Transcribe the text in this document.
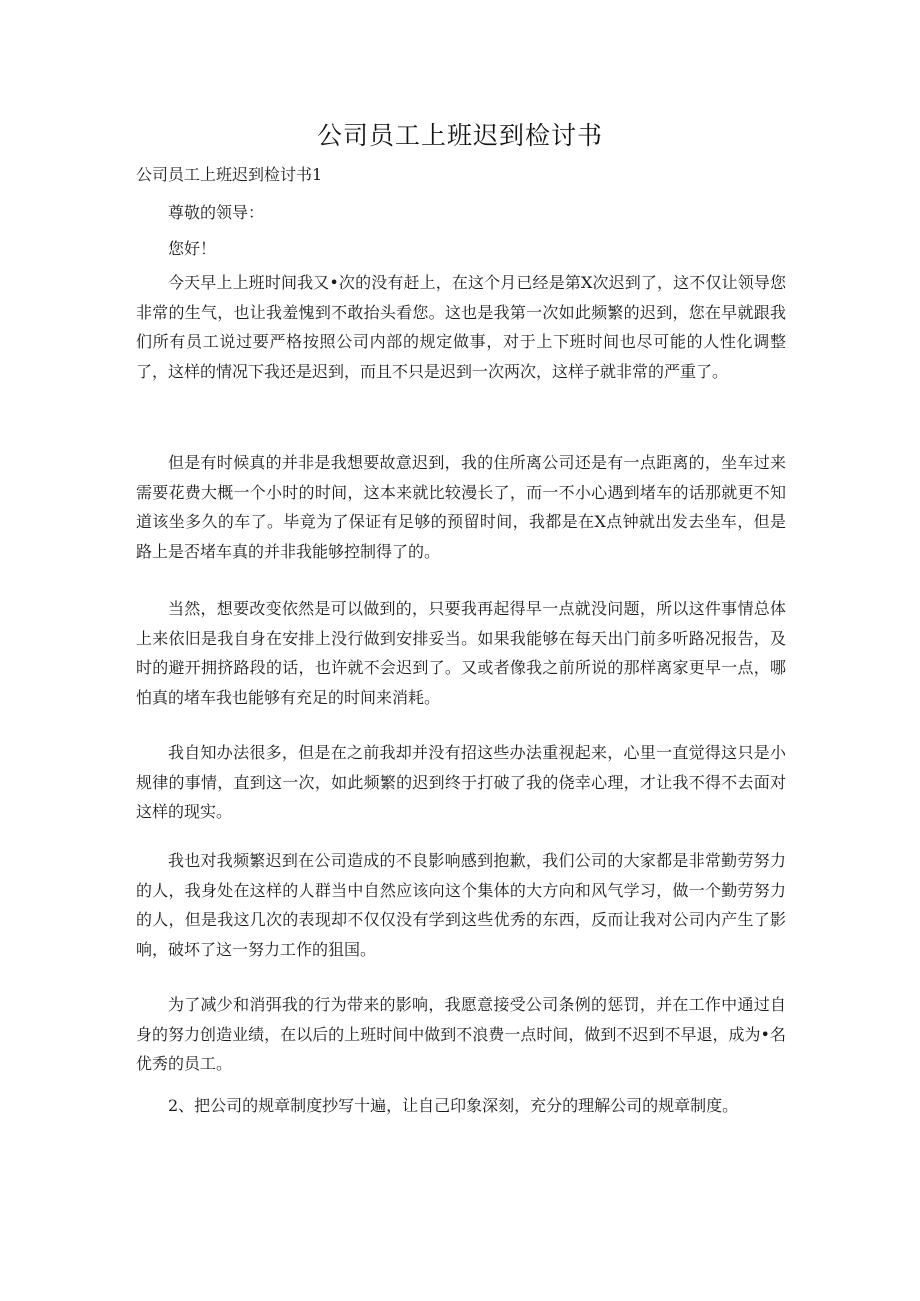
公司员工上班迟到检讨书

公司员工上班迟到检讨书1

尊敬的领导：

您好！

今天早上上班时间我又•次的没有赶上，在这个月已经是第X次迟到了，这不仅让领导您非常的生气，也让我羞愧到不敢抬头看您。这也是我第一次如此频繁的迟到，您在早就跟我们所有员工说过要严格按照公司内部的规定做事，对于上下班时间也尽可能的人性化调整了，这样的情况下我还是迟到，而且不只是迟到一次两次，这样子就非常的严重了。

但是有时候真的并非是我想要故意迟到，我的住所离公司还是有一点距离的，坐车过来需要花费大概一个小时的时间，这本来就比较漫长了，而一不小心遇到堵车的话那就更不知道该坐多久的车了。毕竟为了保证有足够的预留时间，我都是在X点钟就出发去坐车，但是路上是否堵车真的并非我能够控制得了的。

当然，想要改变依然是可以做到的，只要我再起得早一点就没问题，所以这件事情总体上来依旧是我自身在安排上没行做到安排妥当。如果我能够在每天出门前多听路况报告，及时的避开拥挤路段的话，也许就不会迟到了。又或者像我之前所说的那样离家更早一点，哪怕真的堵车我也能够有充足的时间来消耗。

我自知办法很多，但是在之前我却并没有招这些办法重视起来，心里一直觉得这只是小规律的事情，直到这一次，如此频繁的迟到终于打破了我的侥幸心理，才让我不得不去面对这样的现实。

我也对我频繁迟到在公司造成的不良影响感到抱歉，我们公司的大家都是非常勤劳努力的人，我身处在这样的人群当中自然应该向这个集体的大方向和风气学习，做一个勤劳努力的人，但是我这几次的表现却不仅仅没有学到这些优秀的东西，反而让我对公司内产生了影响，破坏了这一努力工作的狙国。

为了减少和消弭我的行为带来的影响，我愿意接受公司条例的惩罚，并在工作中通过自身的努力创造业绩，在以后的上班时间中做到不浪费一点时间，做到不迟到不早退，成为•名优秀的员工。

2、把公司的规章制度抄写十遍，让自己印象深刻，充分的理解公司的规章制度。
